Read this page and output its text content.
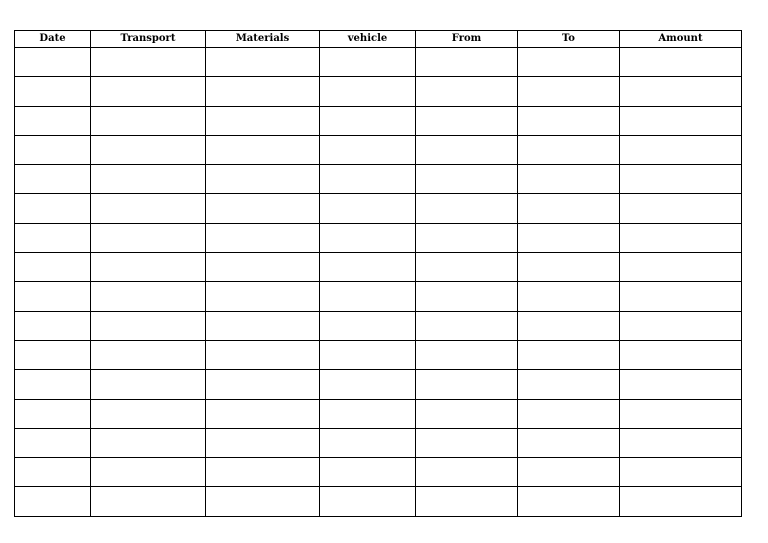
Date	Transport	Materials	vehicle	From	To	Amount
